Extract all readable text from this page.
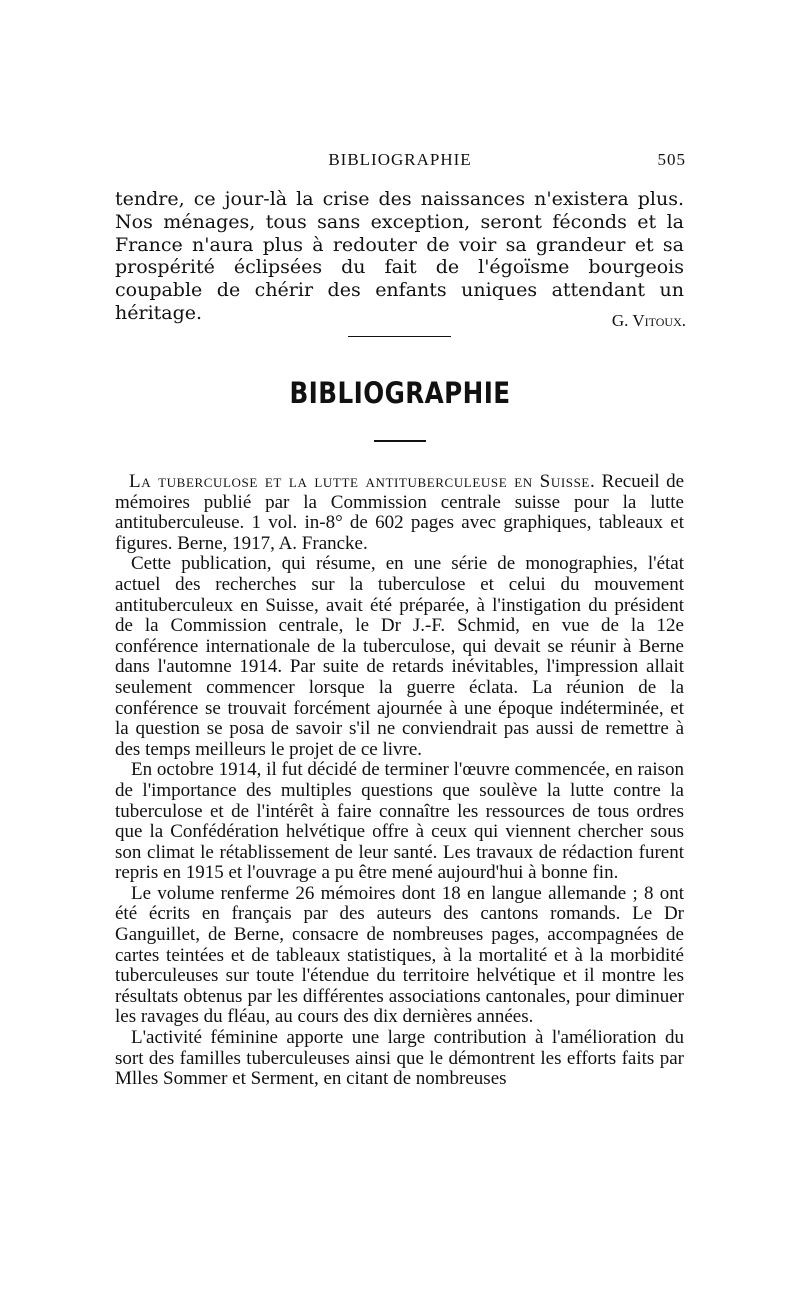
BIBLIOGRAPHIE	505

tendre, ce jour-là la crise des naissances n'existera plus. Nos ménages, tous sans exception, seront féconds et la France n'aura plus à redouter de voir sa grandeur et sa prospérité éclipsées du fait de l'égoïsme bourgeois coupable de chérir des enfants uniques attendant un héritage.	G. Vitoux.
BIBLIOGRAPHIE

La tuberculose et la lutte antituberculeuse en Suisse. Recueil de mémoires publié par la Commission centrale suisse pour la lutte antituberculeuse. 1 vol. in-8° de 602 pages avec graphiques, tableaux et figures. Berne, 1917, A. Francke.

Cette publication, qui résume, en une série de monographies, l'état actuel des recherches sur la tuberculose et celui du mouvement antituberculeux en Suisse, avait été préparée, à l'instigation du président de la Commission centrale, le Dr J.-F. Schmid, en vue de la 12e conférence internationale de la tuberculose, qui devait se réunir à Berne dans l'automne 1914. Par suite de retards inévitables, l'impression allait seulement commencer lorsque la guerre éclata. La réunion de la conférence se trouvait forcément ajournée à une époque indéterminée, et la question se posa de savoir s'il ne conviendrait pas aussi de remettre à des temps meilleurs le projet de ce livre.

En octobre 1914, il fut décidé de terminer l'œuvre commencée, en raison de l'importance des multiples questions que soulève la lutte contre la tuberculose et de l'intérêt à faire connaître les ressources de tous ordres que la Confédération helvétique offre à ceux qui viennent chercher sous son climat le rétablissement de leur santé. Les travaux de rédaction furent repris en 1915 et l'ouvrage a pu être mené aujourd'hui à bonne fin.

Le volume renferme 26 mémoires dont 18 en langue allemande ; 8 ont été écrits en français par des auteurs des cantons romands. Le Dr Ganguillet, de Berne, consacre de nombreuses pages, accompagnées de cartes teintées et de tableaux statistiques, à la mortalité et à la morbidité tuberculeuses sur toute l'étendue du territoire helvétique et il montre les résultats obtenus par les différentes associations cantonales, pour diminuer les ravages du fléau, au cours des dix dernières années.

L'activité féminine apporte une large contribution à l'amélioration du sort des familles tuberculeuses ainsi que le démontrent les efforts faits par Mlles Sommer et Serment, en citant de nombreuses
